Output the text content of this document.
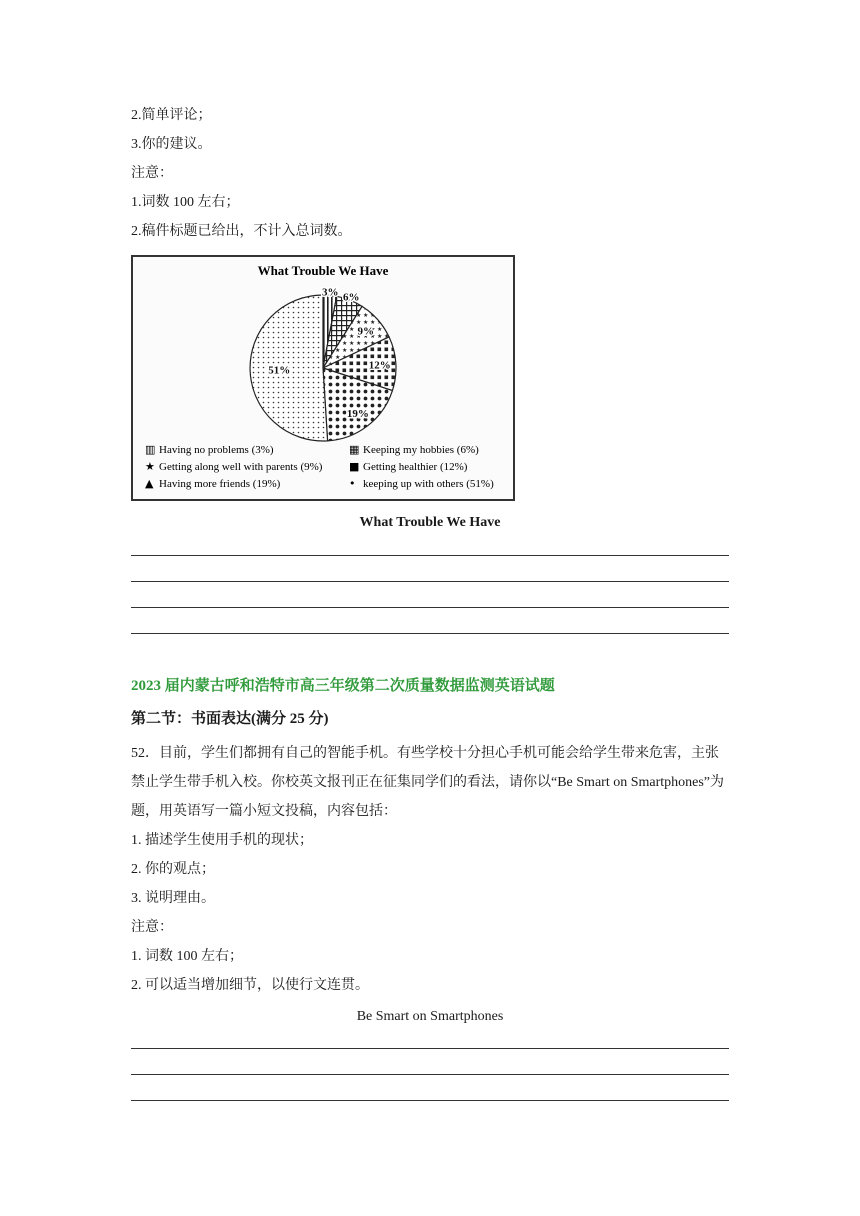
2.简单评论；
3.你的建议。
注意：
1.词数 100 左右；
2.稿件标题已给出，不计入总词数。
What Trouble We Have
3% 6%
9%
12%
19%
51%
▥ Having no problems (3%)	▦ Keeping my hobbies (6%)
★ Getting along well with parents (9%) ■ Getting healthier (12%)
▲ Having more friends (19%)	• keeping up with others (51%)
What Trouble We Have
2023 届内蒙古呼和浩特市高三年级第二次质量数据监测英语试题
第二节：书面表达(满分 25 分)
52．目前，学生们都拥有自己的智能手机。有些学校十分担心手机可能会给学生带来危害，主张禁止学生带手机入校。你校英文报刊正在征集同学们的看法，请你以“Be Smart on Smartphones”为题，用英语写一篇小短文投稿，内容包括：
1. 描述学生使用手机的现状；
2. 你的观点；
3. 说明理由。
注意：
1. 词数 100 左右；
2. 可以适当增加细节，以使行文连贯。
Be Smart on Smartphones
